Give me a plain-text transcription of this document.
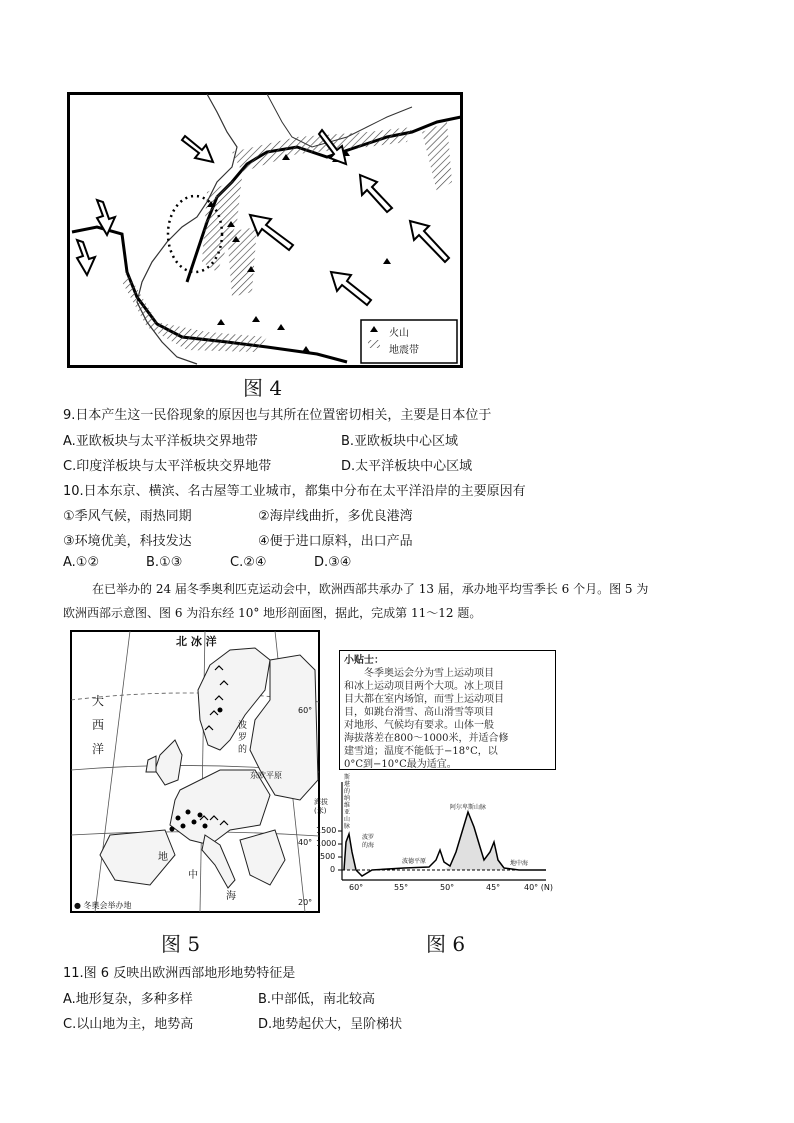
火山
地震带
图 4
9.日本产生这一民俗现象的原因也与其所在位置密切相关，主要是日本位于
A.亚欧板块与太平洋板块交界地带	B.亚欧板块中心区域
C.印度洋板块与太平洋板块交界地带	D.太平洋板块中心区域
10.日本东京、横滨、名古屋等工业城市，都集中分布在太平洋沿岸的主要原因有
①季风气候，雨热同期	②海岸线曲折，多优良港湾
③环境优美，科技发达	④便于进口原料，出口产品
A.①②	B.①③	C.②④	D.③④
在已举办的 24 届冬季奥利匹克运动会中，欧洲西部共承办了 13 届，承办地平均雪季长 6 个月。图 5 为
欧洲西部示意图、图 6 为沿东经 10° 地形剖面图，据此，完成第 11～12 题。
北 冰 洋
大
西
洋
地
中
海
波
罗
的
东欧平原
60°
40°
20°
● 冬奥会举办地
图 5
小贴士：
冬季奥运会分为雪上运动项目
和冰上运动项目两个大项。冰上项目
目大都在室内场馆，而雪上运动项目
目，如跳台滑雪、高山滑雪等项目
对地形、气候均有要求。山体一般
海拔落差在800～1000米，并适合修
建雪道；温度不能低于−18°C，以
0°C到−10°C最为适宜。
海拔(米)
1500
1000
500
0
60°	55°	50°	45°	40° (N)
斯堪的纳维亚山脉
波罗的海
波德平原
阿尔卑斯山脉
地中海
图 6
11.图 6 反映出欧洲西部地形地势特征是
A.地形复杂，多种多样	B.中部低，南北较高
C.以山地为主，地势高	D.地势起伏大，呈阶梯状
